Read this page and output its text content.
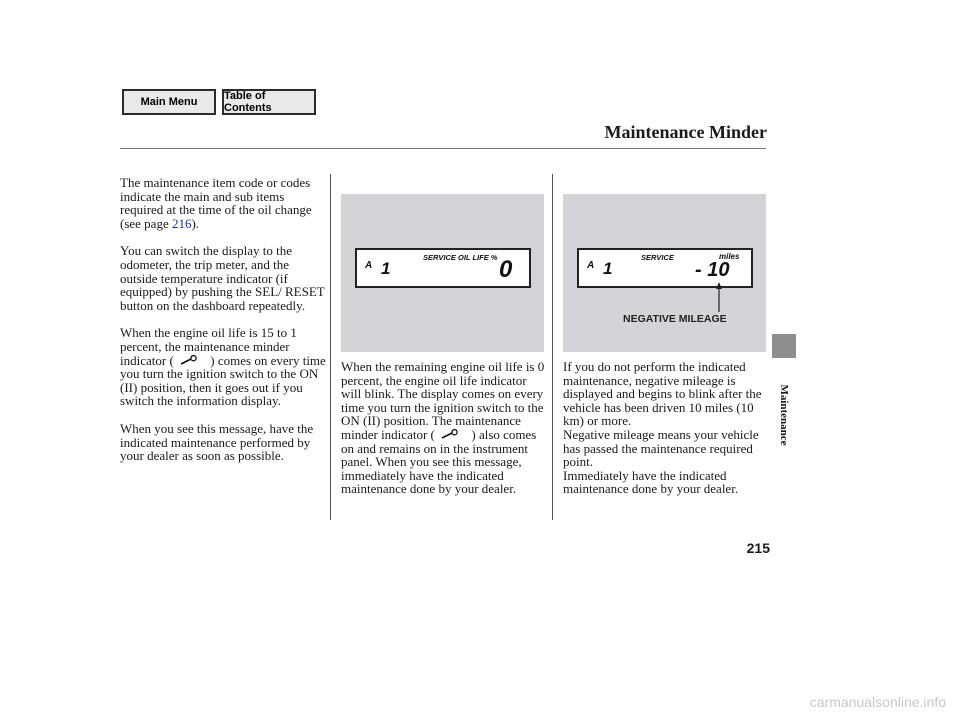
Main Menu	Table of Contents
Maintenance Minder

The maintenance item code or codes indicate the main and sub items required at the time of the oil change (see page 216).

You can switch the display to the odometer, the trip meter, and the outside temperature indicator (if equipped) by pushing the SEL/ RESET button on the dashboard repeatedly.

When the engine oil life is 15 to 1 percent, the maintenance minder indicator (	) comes on every time you turn the ignition switch to the ON (II) position, then it goes out if you switch the information display.

When you see this message, have the indicated maintenance performed by your dealer as soon as possible.

A 1
SERVICE OIL LIFE % 0

When the remaining engine oil life is 0 percent, the engine oil life indicator will blink. The display comes on every time you turn the ignition switch to the ON (II) position. The maintenance minder indicator (	) also comes on and remains on in the instrument panel. When you see this message, immediately have the indicated maintenance done by your dealer.

A 1
SERVICE	miles
- 10
NEGATIVE MILEAGE

If you do not perform the indicated maintenance, negative mileage is displayed and begins to blink after the vehicle has been driven 10 miles (10 km) or more.

Negative mileage means your vehicle has passed the maintenance required point.

Immediately have the indicated maintenance done by your dealer.

Maintenance
215
carmanualsonline.info
